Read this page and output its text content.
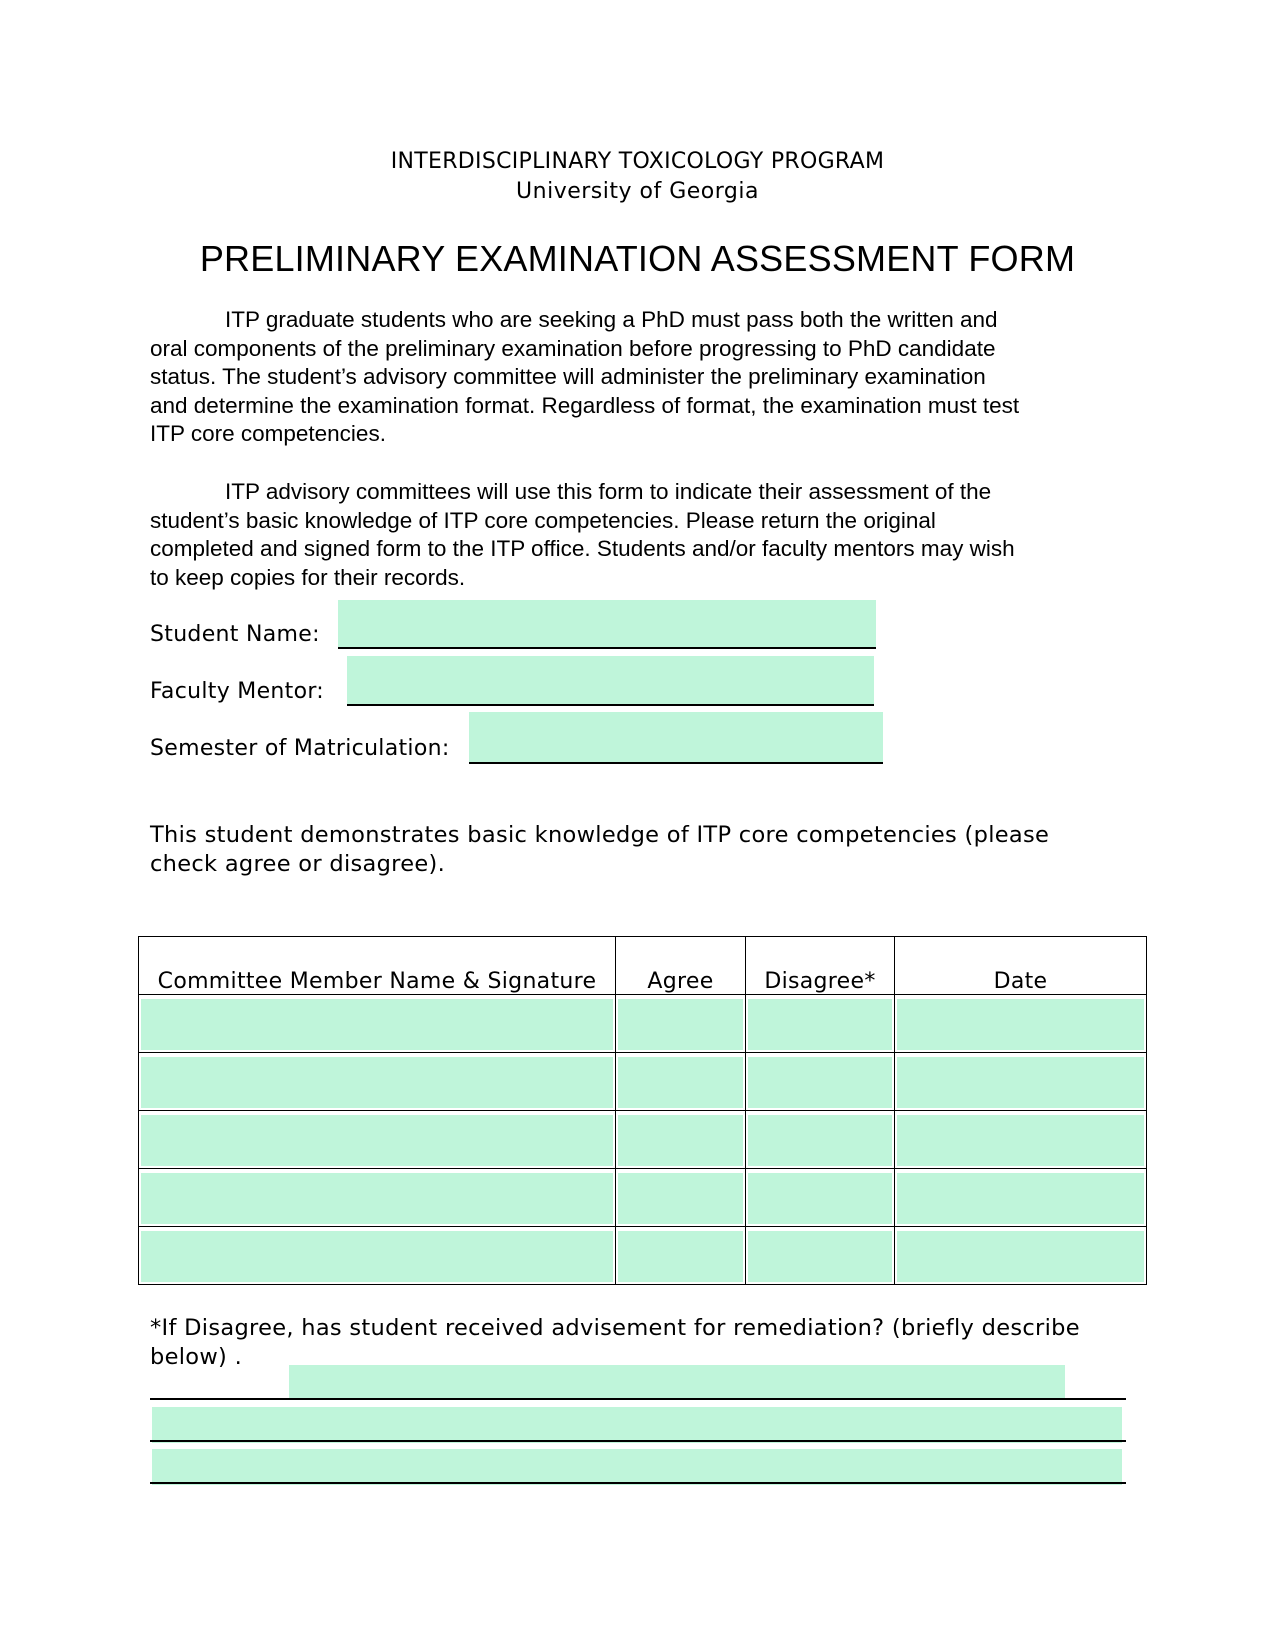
INTERDISCIPLINARY TOXICOLOGY PROGRAM
University of Georgia
PRELIMINARY EXAMINATION ASSESSMENT FORM
ITP graduate students who are seeking a PhD must pass both the written and
oral components of the preliminary examination before progressing to PhD candidate
status. The student’s advisory committee will administer the preliminary examination
and determine the examination format. Regardless of format, the examination must test
ITP core competencies.
ITP advisory committees will use this form to indicate their assessment of the
student’s basic knowledge of ITP core competencies. Please return the original
completed and signed form to the ITP office. Students and/or faculty mentors may wish
to keep copies for their records.
Student Name:
Faculty Mentor:
Semester of Matriculation:
This student demonstrates basic knowledge of ITP core competencies (please
check agree or disagree).
Committee Member Name & Signature	Agree	Disagree*	Date

*If Disagree, has student received advisement for remediation? (briefly describe
below) .
